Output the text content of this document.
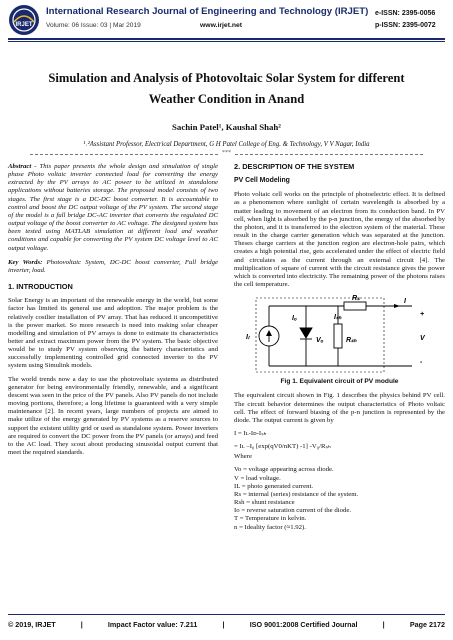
IRJET
International Research Journal of Engineering and Technology (IRJET)
Volume: 06 Issue: 03 | Mar 2019	www.irjet.net
e-ISSN: 2395-0056
p-ISSN: 2395-0072
Simulation and Analysis of Photovoltaic Solar System for different
Weather Condition in Anand
Sachin Patel¹, Kaushal Shah²
¹˒²Assistant Professor, Electrical Department, G H Patel College of Eng. & Technology, V V Nagar, India
***

Abstract - This paper presents the whole design and simulation of single phase Photo voltaic inverter connected load for converting the energy extracted by the PV arrays to AC power to be utilized in standalone applications without batteries storage. The proposed model consists of two stages. The first stage is a DC-DC boost converter. It is accountable to control and boost the DC output voltage of the PV system. The second stage of the model is a full bridge DC-AC inverter that converts the regulated DC output voltage of the boost converter to AC voltage. The designed system has been tested using MATLAB simulation at different load and weather conditions and capable for converting the PV system DC voltage level to AC output voltage.

Key Words: Photovoltaic System, DC-DC boost converter, Full bridge inverter, load.

1. INTRODUCTION

Solar Energy is an important of the renewable energy in the world, but some factor has limited its general use and adoption. The major problem is the relatively costlier installation of PV array. That has reduced it uncompetitive is the power market. So more research is need into making solar cheaper modelling and simulation of PV arrays is done to estimate its characteristics better and extract maximum power from the PV system. The basic objective would be to study PV system observing the battery characteristics and successfully implementing controlled grid connected inverter to the PV system using Simulink models.

The world trends now a day to use the photovoltaic systems as distributed generator for being environmentally friendly, renewable, and a significant descent was seen in the price of the PV panels. Also PV panels do not include moving portions, therefore; a long lifetime is guaranteed with a very simple maintenance [2]. In recent years, large numbers of projects are aimed to make utilize of the energy generated by PV systems as a reserve sources to support the existent utility grid or used as standalone system. Power inverters are required to convert the DC power from the PV panels (or arrays) and feed to the AC load. They scout about producing sinusoidal output current that meet the required standards.

2. DESCRIPTION OF THE SYSTEM
PV Cell Modeling

Photo voltaic cell works on the principle of photoelectric effect. It is defined as a phenomenon where sunlight of certain wavelength is absorbed by a matter leading to movement of an electron from its conduction band. In PV cell, when light is absorbed by the p-n junction, the energy of the absorbed by the photon, and it is transferred to the electron system of the material. These result in the charge carrier generation which was separated at the junction. Theses charge carriers at the junction region are electron-hole pairs, which creates a high potential rise, gets accelerated under the effect of electric field and circulates as the current through an external circuit [4]. The multiplication of square of current with the circuit resistance gives the power which is converted into electricity. The remaining power of the photons raises the cell temperature.

Iₗ
Rₛ	I
Iₒ
Vₒ
Iₛₕ
Rₛₕ
+
V
-
Fig 1. Equivalent circuit of PV module

The equivalent circuit shown in Fig. 1 describes the physics behind PV cell. The circuit behavior determines the output characteristics of Photo voltaic cell. The effect of forward biasing of the p-n junction is represented by the diode. The output current is given by

I = Iʟ-Iᴅ-Iₛₕ

= Iʟ –I₀ [exp(qV0/nKT) -1] -V₀/Rₛₕ

Where

Vo = voltage appearing across diode.
V = load voltage.
IL = photo generated current.
Rs = internal (series) resistance of the system.
Rsh = shunt resistance
Io = reverse saturation current of the diode.
T = Temperature in kelvin.
n = Ideality factor (≈1.92).
© 2019, IRJET	|	Impact Factor value: 7.211	|	ISO 9001:2008 Certified Journal	|	Page 2172
